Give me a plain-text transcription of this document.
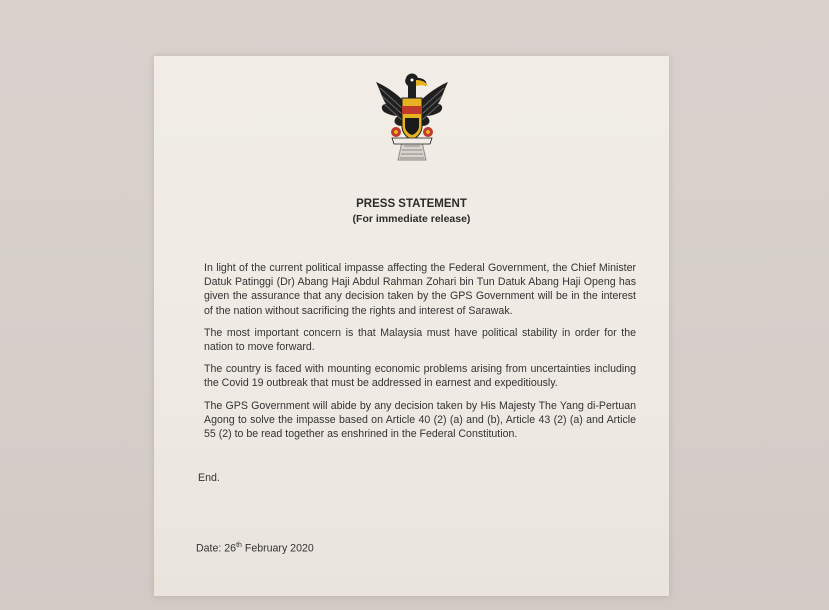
PRESS STATEMENT
(For immediate release)

In light of the current political impasse affecting the Federal Government, the Chief Minister Datuk Patinggi (Dr) Abang Haji Abdul Rahman Zohari bin Tun Datuk Abang Haji Openg has given the assurance that any decision taken by the GPS Government will be in the interest of the nation without sacrificing the rights and interest of Sarawak.

The most important concern is that Malaysia must have political stability in order for the nation to move forward.

The country is faced with mounting economic problems arising from uncertainties including the Covid 19 outbreak that must be addressed in earnest and expeditiously.

The GPS Government will abide by any decision taken by His Majesty The Yang di-Pertuan Agong to solve the impasse based on Article 40 (2) (a) and (b), Article 43 (2) (a) and Article 55 (2) to be read together as enshrined in the Federal Constitution.

End.
Date: 26th February 2020
